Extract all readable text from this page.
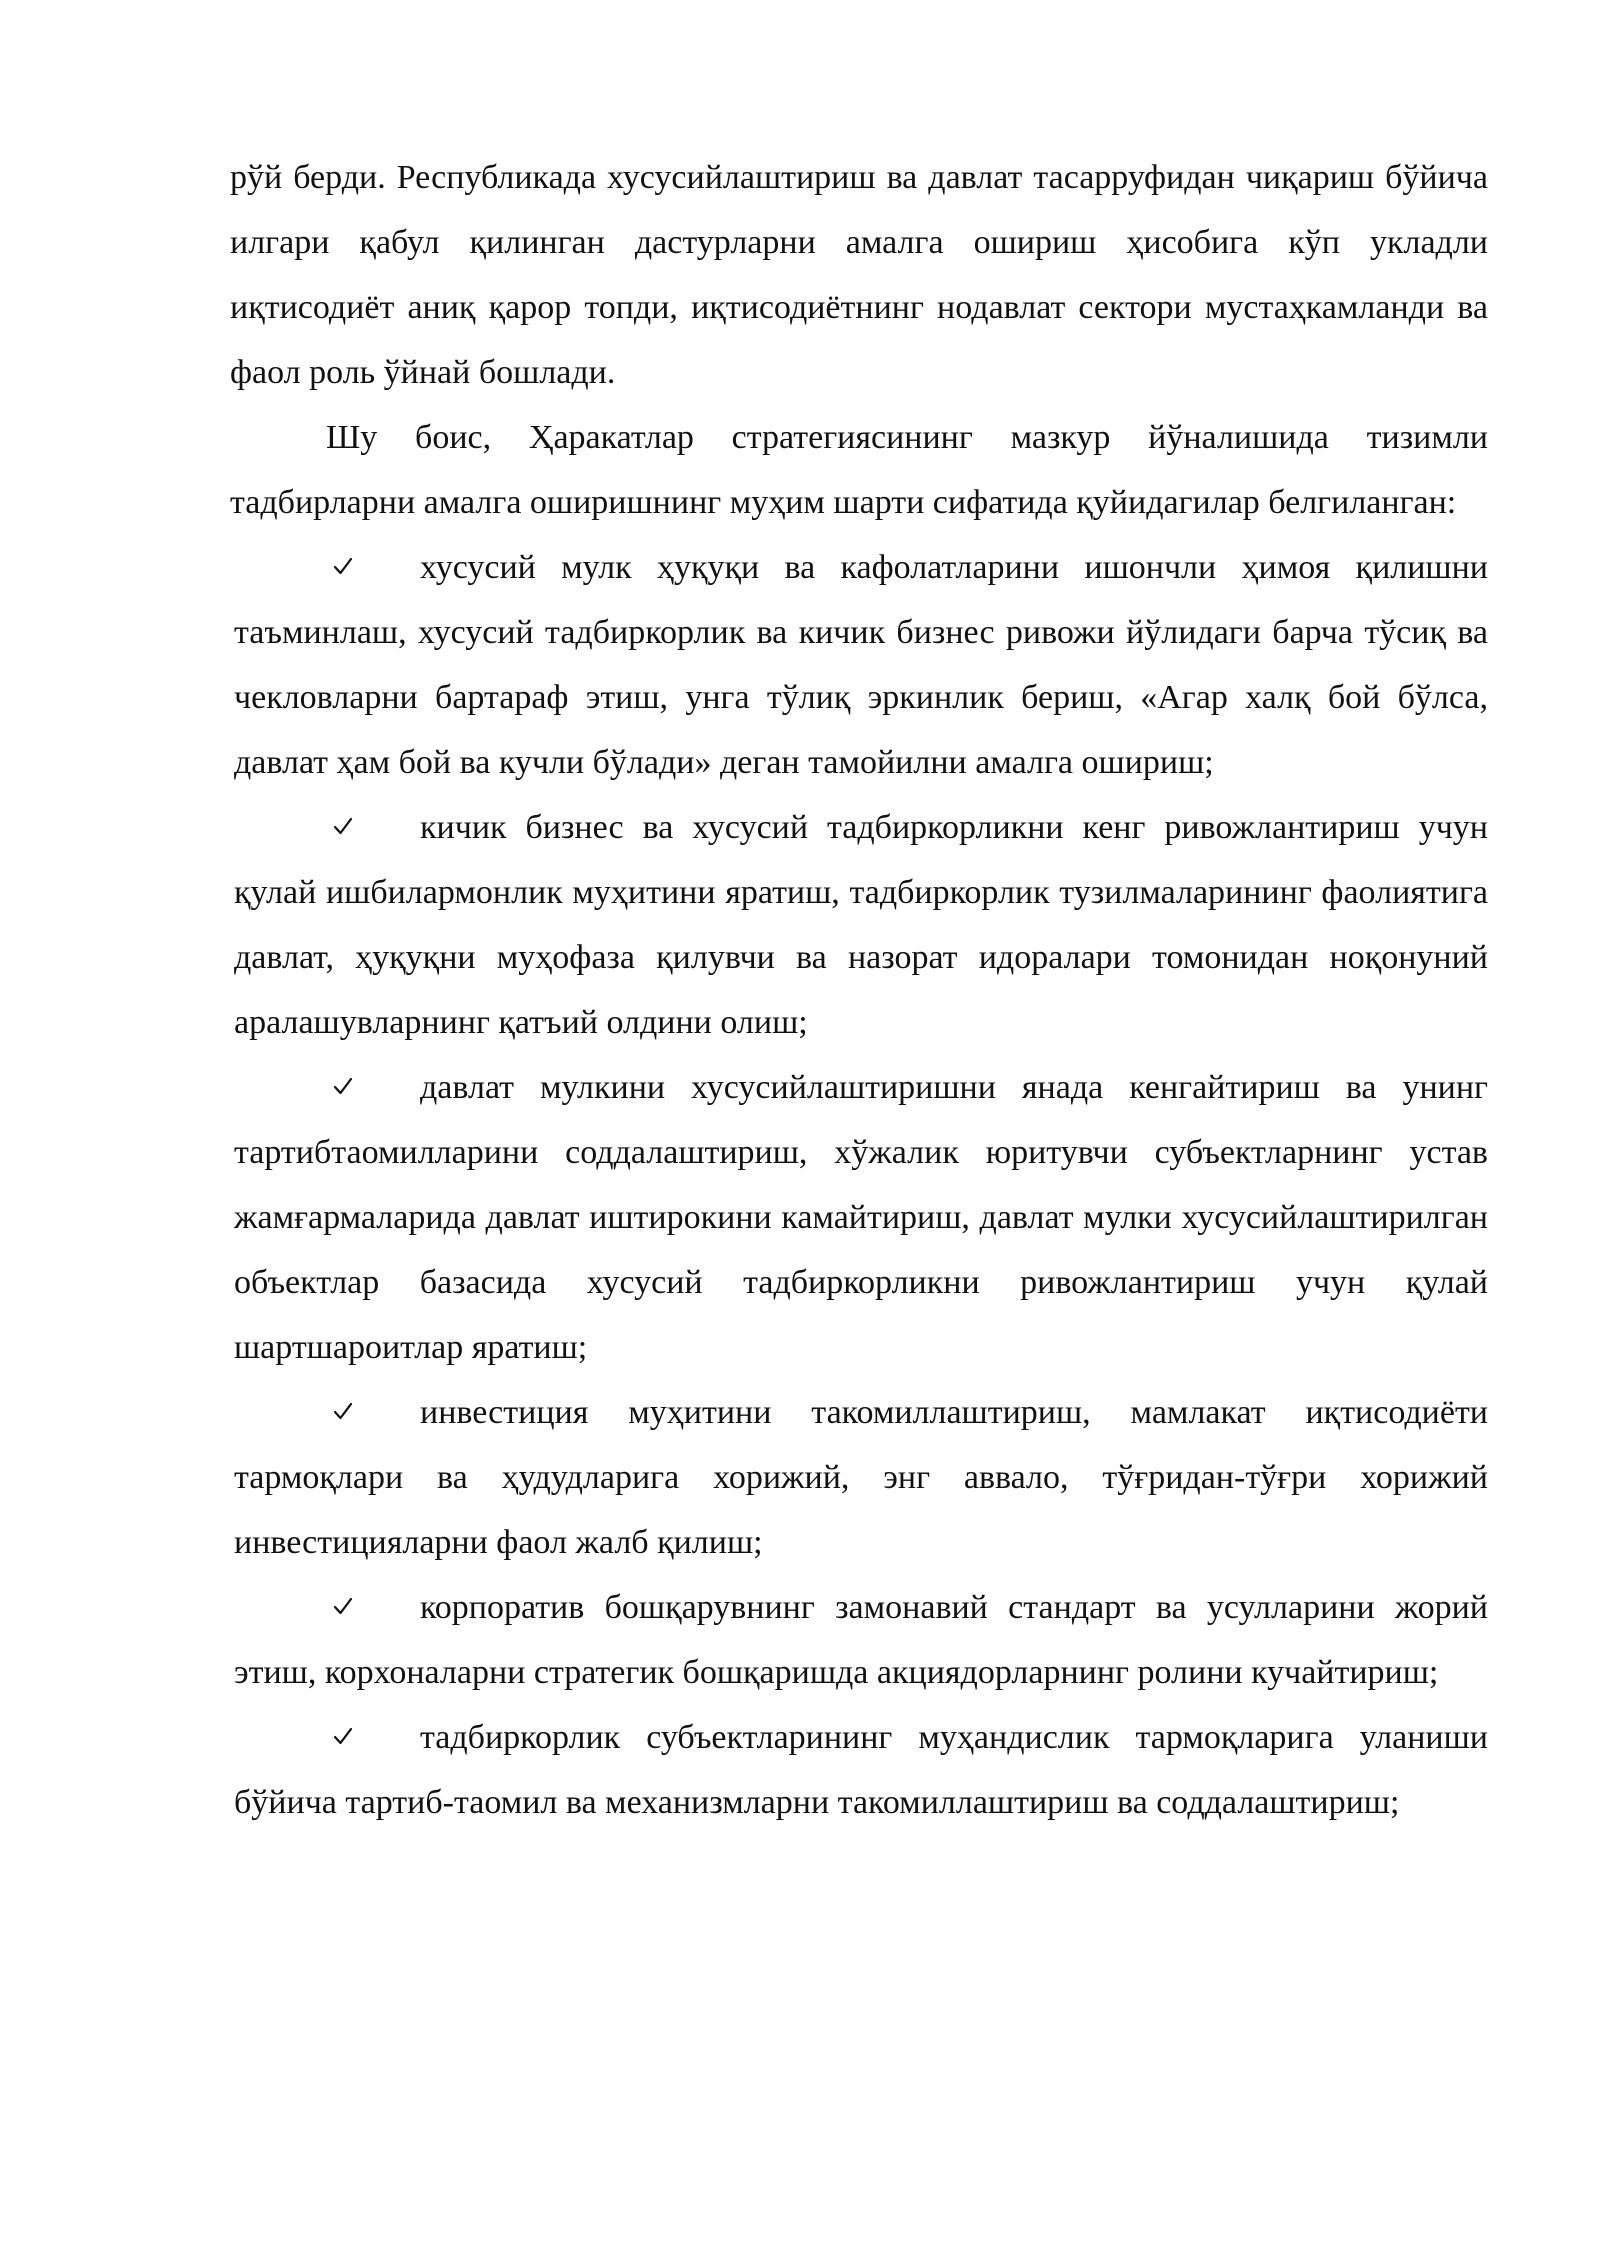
рўй берди. Республикада хусусийлаштириш ва давлат тасарруфидан чиқариш бўйича илгари қабул қилинган дастурларни амалга ошириш ҳисобига кўп укладли иқтисодиёт аниқ қарор топди, иқтисодиётнинг нодавлат сектори мустаҳкамланди ва фаол роль ўйнай бошлади.

Шу боис, Ҳаракатлар стратегиясининг мазкур йўналишида тизимли тадбирларни амалга оширишнинг муҳим шарти сифатида қуйидагилар белгиланган:

хусусий мулк ҳуқуқи ва кафолатларини ишончли ҳимоя қилишни таъминлаш, хусусий тадбиркорлик ва кичик бизнес ривожи йўлидаги барча тўсиқ ва чекловларни бартараф этиш, унга тўлиқ эркинлик бериш, «Агар халқ бой бўлса, давлат ҳам бой ва кучли бўлади» деган тамойилни амалга ошириш;
кичик бизнес ва хусусий тадбиркорликни кенг ривожлантириш учун қулай ишбилармонлик муҳитини яратиш, тадбиркорлик тузилмаларининг фаолиятига давлат, ҳуқуқни муҳофаза қилувчи ва назорат идоралари томонидан ноқонуний аралашувларнинг қатъий олдини олиш;
давлат мулкини хусусийлаштиришни янада кенгайтириш ва унинг тартибтаомилларини соддалаштириш, хўжалик юритувчи субъектларнинг устав жамғармаларида давлат иштирокини камайтириш, давлат мулки хусусийлаштирилган объектлар базасида хусусий тадбиркорликни ривожлантириш учун қулай шартшароитлар яратиш;
инвестиция муҳитини такомиллаштириш, мамлакат иқтисодиёти тармоқлари ва ҳудудларига хорижий, энг аввало, тўғридан-тўғри хорижий инвестицияларни фаол жалб қилиш;
корпоратив бошқарувнинг замонавий стандарт ва усулларини жорий этиш, корхоналарни стратегик бошқаришда акциядорларнинг ролини кучайтириш;
тадбиркорлик субъектларининг муҳандислик тармоқларига уланиши бўйича тартиб-таомил ва механизмларни такомиллаштириш ва соддалаштириш;
